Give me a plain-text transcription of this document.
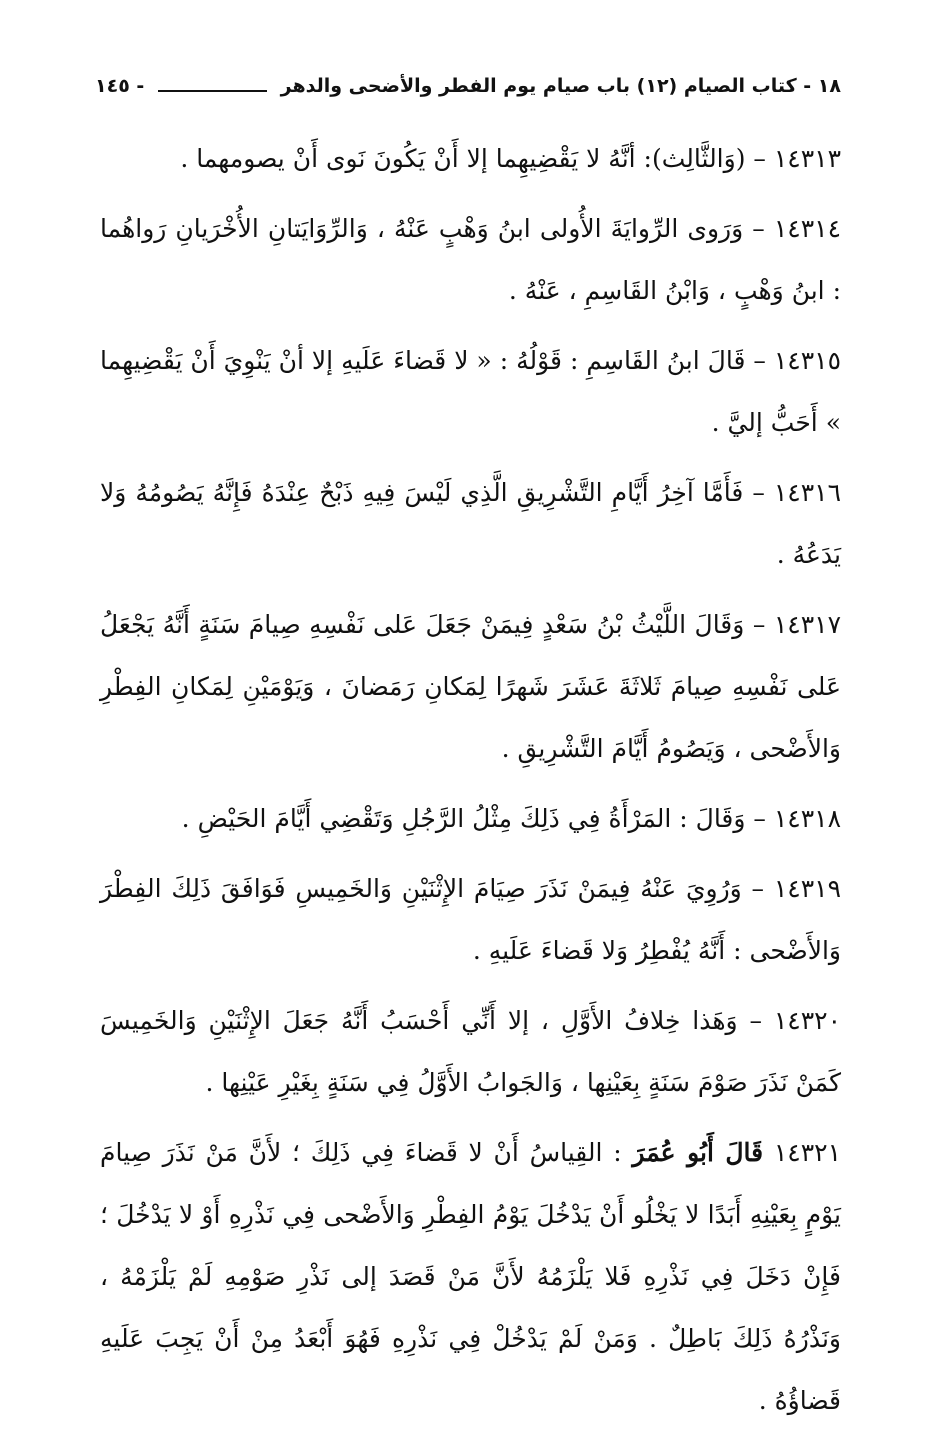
١٨ - كتاب الصيام (١٢) باب صيام يوم الفطر والأضحى والدهر
- ١٤٥

١٤٣١٣ – (وَالثَّالِث): أنَّهُ لا يَقْضِيهِما إلا أَنْ يَكُونَ نَوى أَنْ يصومهما .

١٤٣١٤ – وَرَوى الرِّوايَةَ الأُولى ابنُ وَهْبٍ عَنْهُ ، وَالرِّوَايَتانِ الأُخْرَيانِ رَواهُما : ابنُ وَهْبٍ ، وَابْنُ القَاسِمِ ، عَنْهُ .

١٤٣١٥ – قَالَ ابنُ القَاسِمِ : قَوْلُهُ : « لا قَضاءَ عَلَيهِ إلا أنْ يَنْوِيَ أَنْ يَقْضِيهِما » أَحَبُّ إليَّ .

١٤٣١٦ – فَأَمَّا آخِرُ أَيَّامِ التَّشْرِيقِ الَّذِي لَيْسَ فِيهِ ذَبْحٌ عِنْدَهُ فَإِنَّهُ يَصُومُهُ وَلا يَدَعُهُ .

١٤٣١٧ – وَقَالَ اللَّيْثُ بْنُ سَعْدٍ فِيمَنْ جَعَلَ عَلى نَفْسِهِ صِيامَ سَنَةٍ أَنَّهُ يَجْعَلُ عَلى نَفْسِهِ صِيامَ ثَلاثَةَ عَشَرَ شَهرًا لِمَكانِ رَمَضانَ ، وَيَوْمَيْنِ لِمَكانِ الفِطْرِ وَالأَضْحى ، وَيَصُومُ أَيَّامَ التَّشْرِيقِ .

١٤٣١٨ – وَقَالَ : المَرْأَةُ فِي ذَلِكَ مِثْلُ الرَّجُلِ وَتَقْضِي أَيَّامَ الحَيْضِ .

١٤٣١٩ – وَرُوِيَ عَنْهُ فِيمَنْ نَذَرَ صِيَامَ الإِثْنَيْنِ وَالخَمِيسِ فَوَافَقَ ذَلِكَ الفِطْرَ وَالأَضْحى : أَنَّهُ يُفْطِرُ وَلا قَضاءَ عَلَيهِ .

١٤٣٢٠ – وَهَذا خِلافُ الأَوَّلِ ، إلا أَنِّي أَحْسَبُ أَنَّهُ جَعَلَ الإِثْنَيْنِ وَالخَمِيسَ كَمَنْ نَذَرَ صَوْمَ سَنَةٍ بِعَيْنِها ، وَالجَوابُ الأَوَّلُ فِي سَنَةٍ بِغَيْرِ عَيْنِها .

١٤٣٢١ قَالَ أَبُو عُمَرَ : القِياسُ أَنْ لا قَضاءَ فِي ذَلِكَ ؛ لأَنَّ مَنْ نَذَرَ صِيامَ يَوْمٍ بِعَيْنِهِ أَبَدًا لا يَخْلُو أَنْ يَدْخُلَ يَوْمُ الفِطْرِ وَالأَضْحى فِي نَذْرِهِ أَوْ لا يَدْخُلَ ؛ فَإِنْ دَخَلَ فِي نَذْرِهِ فَلا يَلْزَمُهُ لأَنَّ مَنْ قَصَدَ إلى نَذْرِ صَوْمِهِ لَمْ يَلْزَمْهُ ، وَنَذْرُهُ ذَلِكَ بَاطِلٌ . وَمَنْ لَمْ يَدْخُلْ فِي نَذْرِهِ فَهُوَ أَبْعَدُ مِنْ أَنْ يَجِبَ عَلَيهِ قَضاؤُهُ .
